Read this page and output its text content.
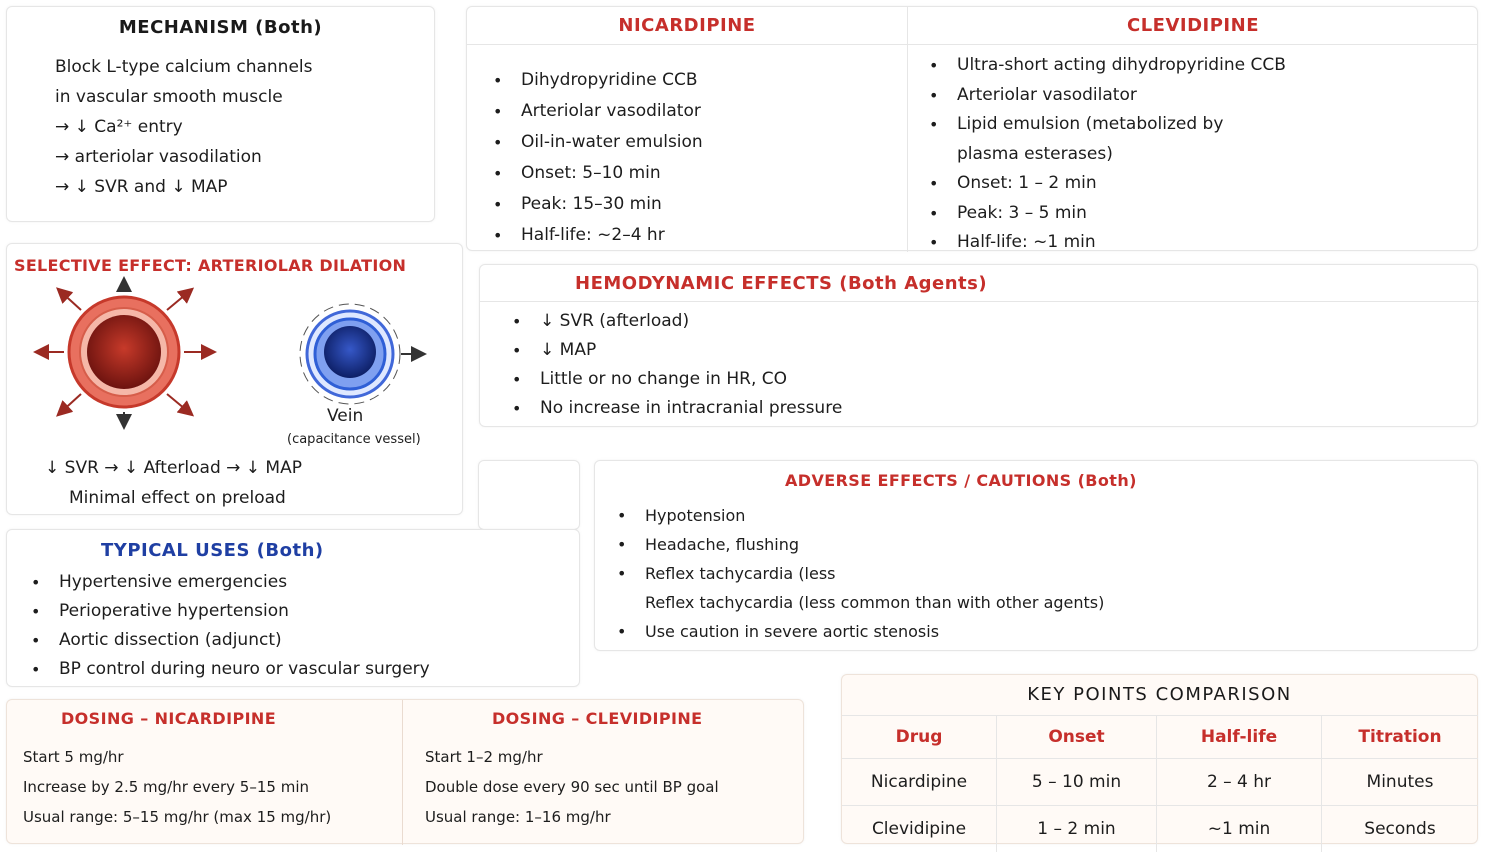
MECHANISM (Both)
Block L-type calcium channels
in vascular smooth muscle
→ ↓ Ca²⁺ entry
→ arteriolar vasodilation
→ ↓ SVR and ↓ MAP
NICARDIPINE
• Dihydropyridine CCB
• Arteriolar vasodilator
• Oil-in-water emulsion
• Onset: 5–10 min
• Peak: 15–30 min
• Half-life: ~2–4 hr
CLEVIDIPINE
• Ultra-short acting dihydropyridine CCB
• Arteriolar vasodilator
• Lipid emulsion (metabolized by
plasma esterases)
• Onset: 1 – 2 min
• Peak: 3 – 5 min
• Half-life: ~1 min
SELECTIVE EFFECT: ARTERIOLAR DILATION
Vein
(capacitance vessel)
↓ SVR → ↓ Afterload → ↓ MAP
Minimal effect on preload
HEMODYNAMIC EFFECTS (Both Agents)
• ↓ SVR (afterload)
• ↓ MAP
• Little or no change in HR, CO
• No increase in intracranial pressure
TYPICAL USES (Both)
• Hypertensive emergencies
• Perioperative hypertension
• Aortic dissection (adjunct)
• BP control during neuro or vascular surgery
ADVERSE EFFECTS / CAUTIONS (Both)
• Hypotension
• Headache, flushing
• Reflex tachycardia (less
Reflex tachycardia (less common than with other agents)
• Use caution in severe aortic stenosis
DOSING – NICARDIPINE
Start 5 mg/hr
Increase by 2.5 mg/hr every 5–15 min
Usual range: 5–15 mg/hr (max 15 mg/hr)
DOSING – CLEVIDIPINE
Start 1–2 mg/hr
Double dose every 90 sec until BP goal
Usual range: 1–16 mg/hr
KEY POINTS COMPARISON
Drug	Onset	Half-life	Titration
Nicardipine	5 – 10 min	2 – 4 hr	Minutes
Clevidipine	1 – 2 min	~1 min	Seconds
